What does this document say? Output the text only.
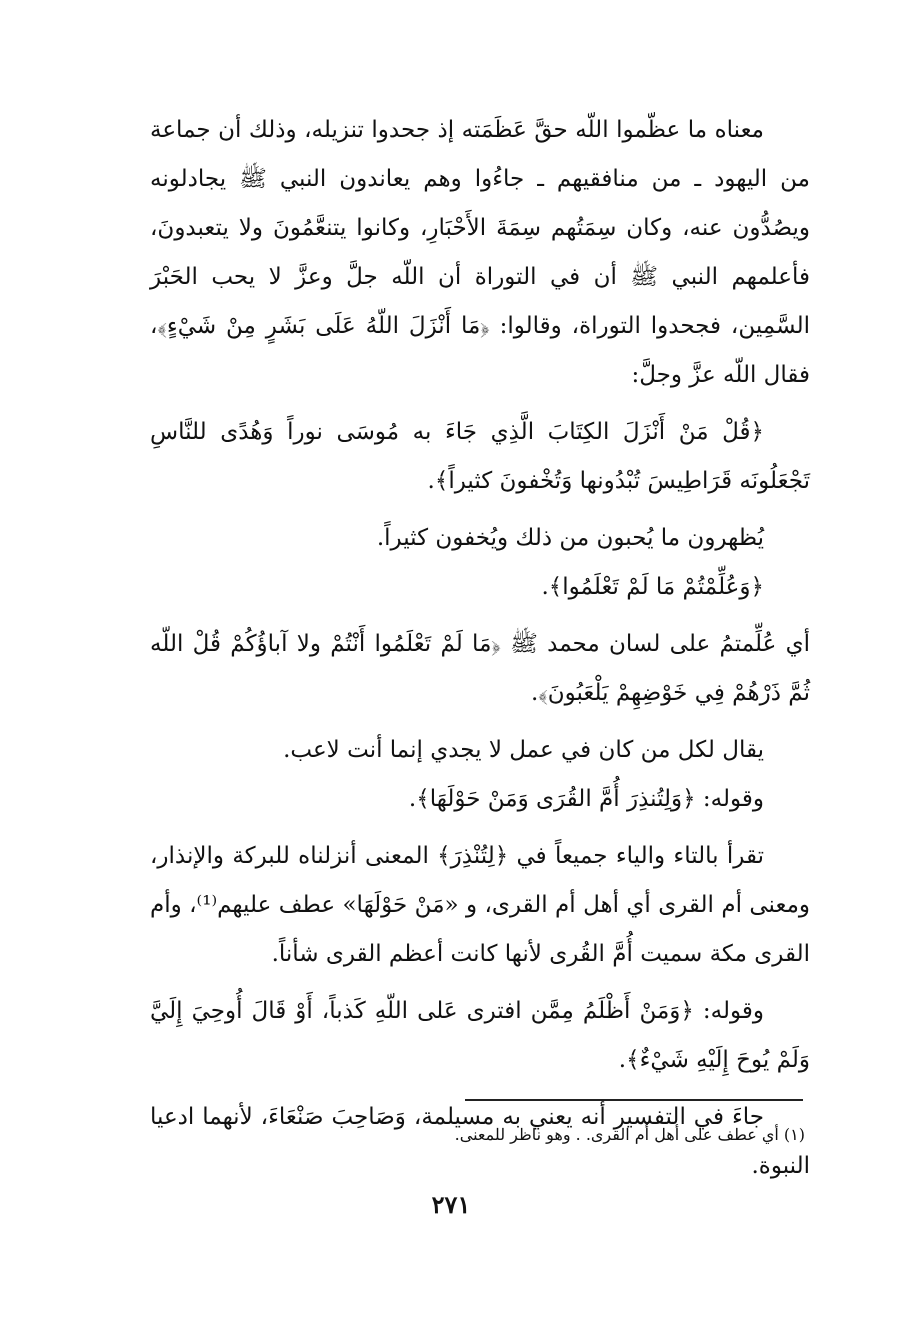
معناه ما عظّموا اللّه حقَّ عَظَمَته إذ جحدوا تنزيله، وذلك أن جماعة من اليهود ـ من منافقيهم ـ جاءُوا وهم يعاندون النبي ﷺ يجادلونه ويصُدُّون عنه، وكان سِمَتُهم سِمَةَ الأَحْبَارِ، وكانوا يتنعَّمُونَ ولا يتعبدونَ، فأعلمهم النبي ﷺ أن في التوراة أن اللّه جلَّ وعزَّ لا يحب الحَبْرَ السَّمِين، فجحدوا التوراة، وقالوا: ﴿مَا أَنْزَلَ اللّهُ عَلَى بَشَرٍ مِنْ شَيْءٍ﴾، فقال اللّه عزَّ وجلَّ:

﴿قُلْ مَنْ أَنْزَلَ الكِتَابَ الَّذِي جَاءَ به مُوسَى نوراً وَهُدًى للنَّاسِ تَجْعَلُونَه قَرَاطِيسَ تُبْدُونها وَتُخْفونَ كثيراً﴾.

يُظهرون ما يُحبون من ذلك ويُخفون كثيراً.

﴿وَعُلِّمْتُمْ مَا لَمْ تَعْلَمُوا﴾.

أي عُلِّمتمُ على لسان محمد ﷺ ﴿مَا لَمْ تَعْلَمُوا أَنْتُمْ ولا آباؤُكُمْ قُلْ اللّه ثُمَّ ذَرْهُمْ فِي خَوْضِهِمْ يَلْعَبُونَ﴾.

يقال لكل من كان في عمل لا يجدي إنما أنت لاعب.

وقوله: ﴿وَلِتُنذِرَ أُمَّ القُرَى وَمَنْ حَوْلَهَا﴾.

تقرأ بالتاء والياء جميعاً في ﴿لِتُنْذِرَ﴾ المعنى أنزلناه للبركة والإنذار، ومعنى أم القرى أي أهل أم القرى، و «مَنْ حَوْلَهَا» عطف عليهم⁽¹⁾، وأم القرى مكة سميت أُمَّ القُرى لأنها كانت أعظم القرى شأناً.

وقوله: ﴿وَمَنْ أَظْلَمُ مِمَّن افترى عَلى اللّهِ كَذباً، أَوْ قَالَ أُوحِيَ إِلَيَّ وَلَمْ يُوحَ إِلَيْهِ شَيْءٌ﴾.

جاءَ في التفسير أنه يعني به مسيلمة، وَصَاحِبَ صَنْعَاءَ، لأنهما ادعيا النبوة.

(١) أي عطف على أهل أم القرى. . وهو ناظر للمعنى.
٢٧١
